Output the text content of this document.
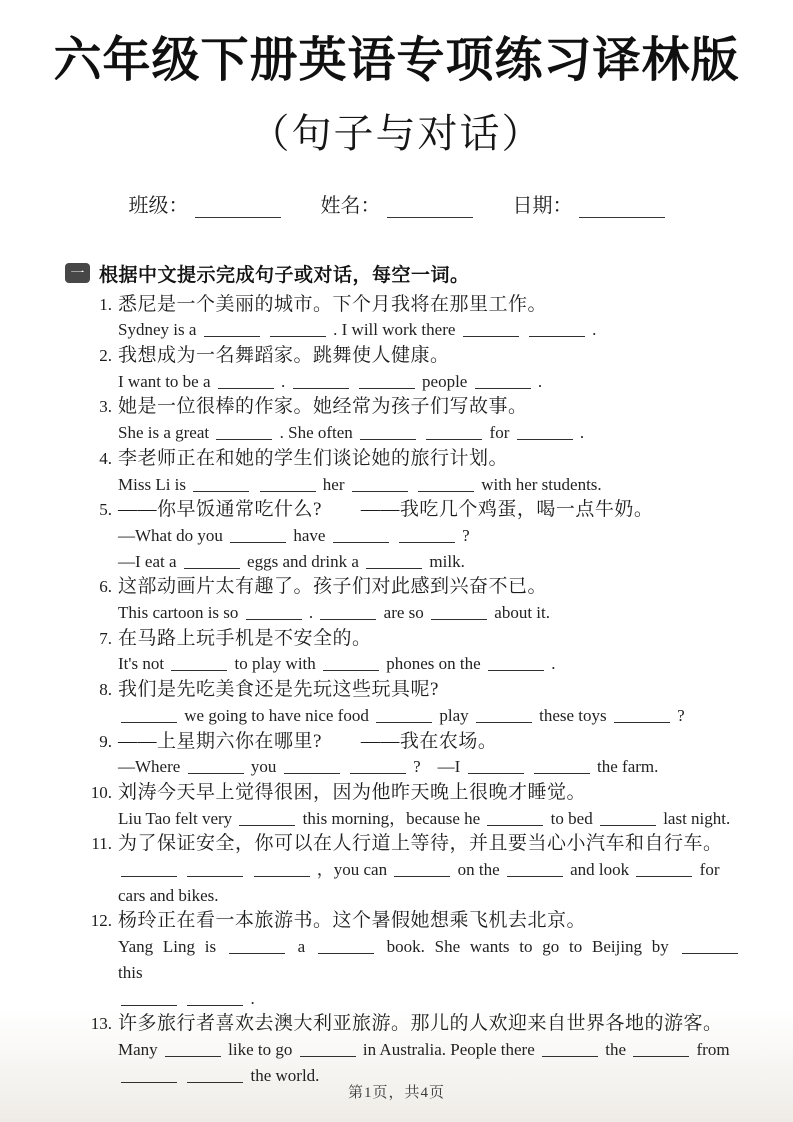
六年级下册英语专项练习译林版
（句子与对话）
班级：	姓名：	日期：
一 根据中文提示完成句子或对话，每空一词。
1. 悉尼是一个美丽的城市。下个月我将在那里工作。
Sydney is a	. I will work there	.
2. 我想成为一名舞蹈家。跳舞使人健康。
I want to be a	.	people	.
3. 她是一位很棒的作家。她经常为孩子们写故事。
She is a great	. She often	for	.
4. 李老师正在和她的学生们谈论她的旅行计划。
Miss Li is	her	with her students.
5. ——你早饭通常吃什么?　　——我吃几个鸡蛋，喝一点牛奶。
—What do you	have	?
—I eat a	eggs and drink a	milk.
6. 这部动画片太有趣了。孩子们对此感到兴奋不已。
This cartoon is so	.	are so	about it.
7. 在马路上玩手机是不安全的。
It's not	to play with	phones on the	.
8. 我们是先吃美食还是先玩这些玩具呢?
we going to have nice food	play	these toys	?
9. ——上星期六你在哪里?　　——我在农场。
—Where	you	?　—I	the farm.
10. 刘涛今天早上觉得很困，因为他昨天晚上很晚才睡觉。
Liu Tao felt very	this morning，because he	to bed	last night.
11. 为了保证安全，你可以在人行道上等待，并且要当心小汽车和自行车。
，you can	on the	and look	for
cars and bikes.
12. 杨玲正在看一本旅游书。这个暑假她想乘飞机去北京。
Yang Ling is	a	book. She wants to go to Beijing by	this
.
13. 许多旅行者喜欢去澳大利亚旅游。那儿的人欢迎来自世界各地的游客。
Many	like to go	in Australia. People there	the	from
the world.
第1页，共4页
